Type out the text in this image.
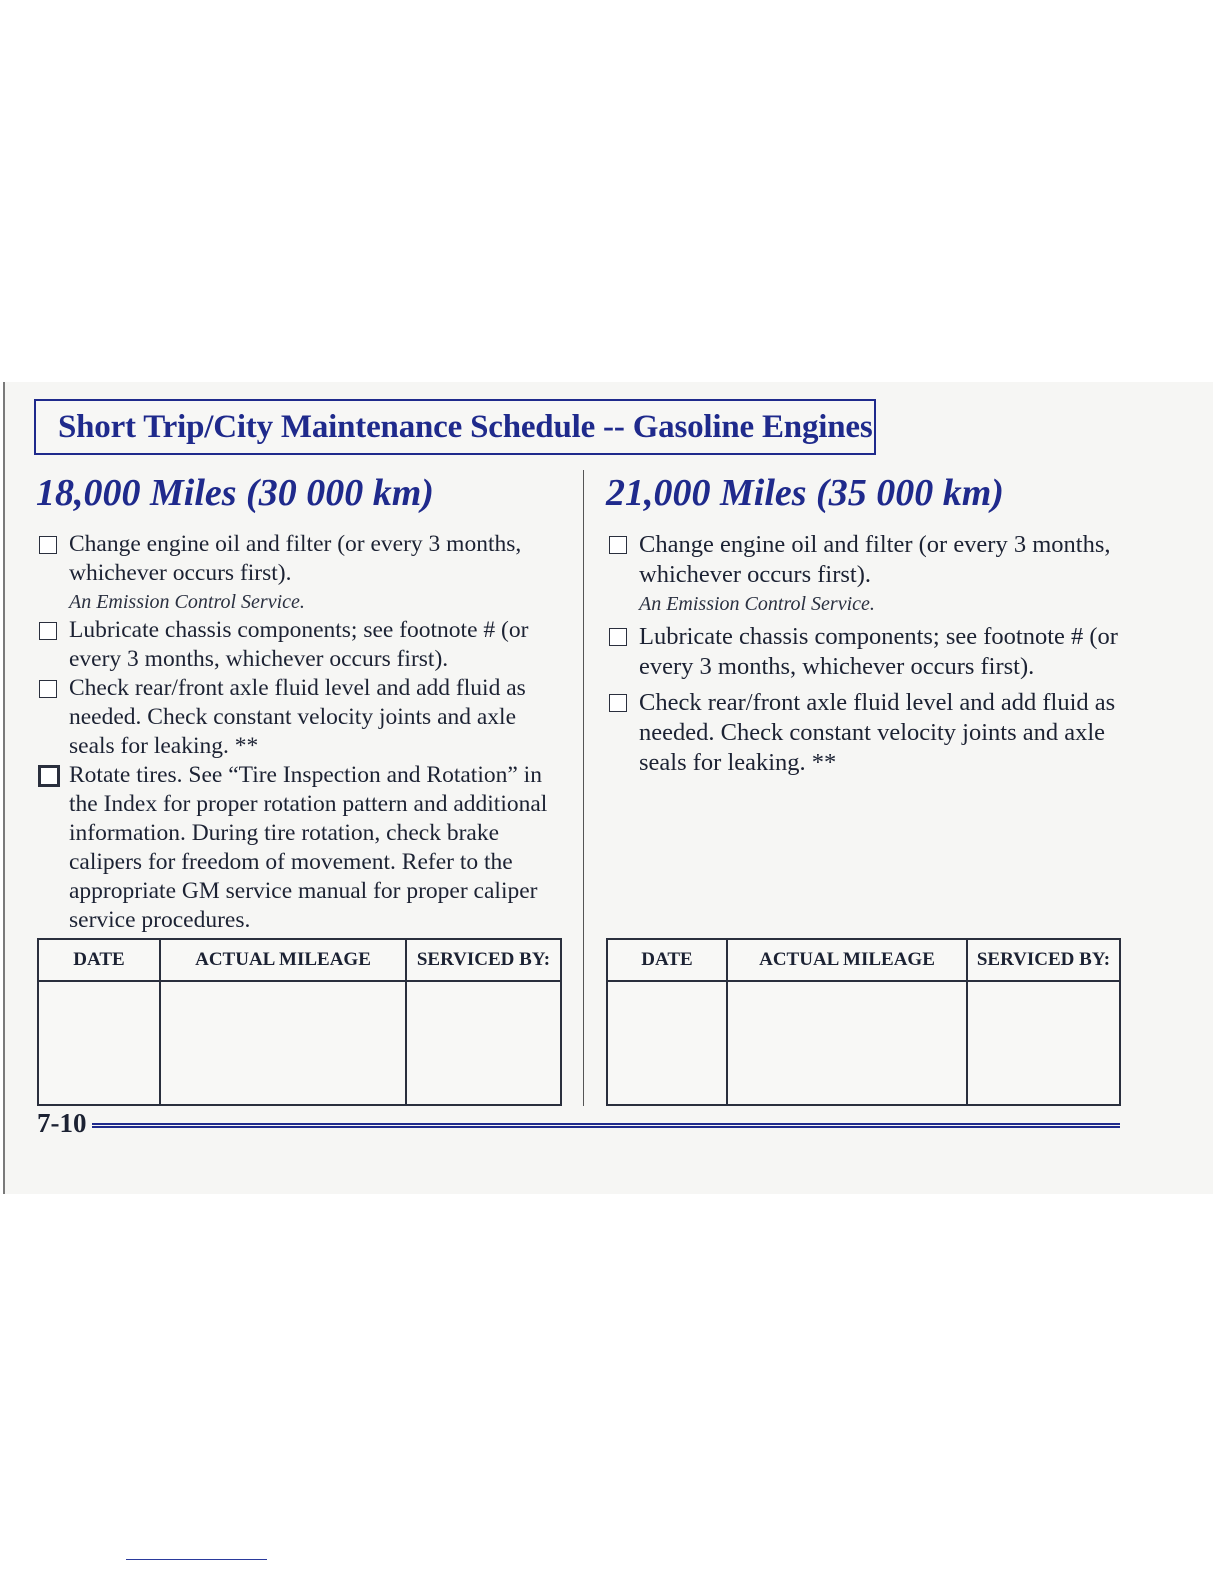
Short Trip/City Maintenance Schedule -- Gasoline Engines
18,000 Miles (30 000 km)
Change engine oil and filter (or every 3 months, whichever occurs first).
An Emission Control Service.
Lubricate chassis components; see footnote # (or every 3 months, whichever occurs first).
Check rear/front axle fluid level and add fluid as needed. Check constant velocity joints and axle seals for leaking. **
Rotate tires. See “Tire Inspection and Rotation” in the Index for proper rotation pattern and additional information. During tire rotation, check brake calipers for freedom of movement. Refer to the appropriate GM service manual for proper caliper service procedures.
DATE	ACTUAL MILEAGE	SERVICED BY:

21,000 Miles (35 000 km)
Change engine oil and filter (or every 3 months, whichever occurs first).
An Emission Control Service.
Lubricate chassis components; see footnote # (or every 3 months, whichever occurs first).
Check rear/front axle fluid level and add fluid as needed. Check constant velocity joints and axle seals for leaking. **
DATE	ACTUAL MILEAGE	SERVICED BY:

7-10
